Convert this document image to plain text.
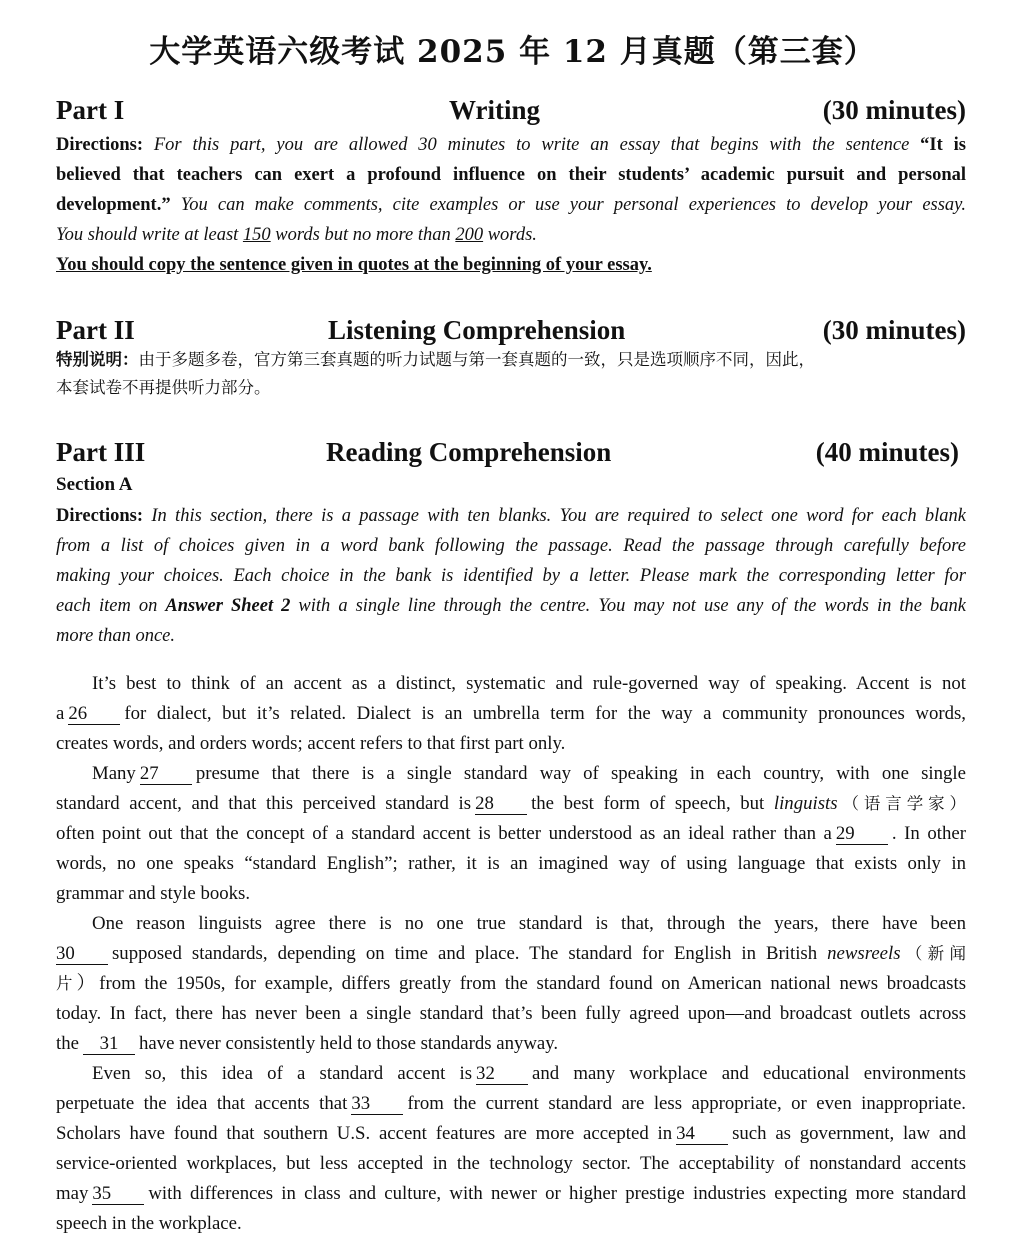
大学英语六级考试 2025 年 12 月真题（第三套）
Part I	Writing	(30 minutes)
Directions: For this part, you are allowed 30 minutes to write an essay that begins with the sentence “It is
believed that teachers can exert a profound influence on their students’ academic pursuit and personal
development.” You can make comments, cite examples or use your personal experiences to develop your essay.
You should write at least 150 words but no more than 200 words.
You should copy the sentence given in quotes at the beginning of your essay.
Part II	Listening Comprehension	(30 minutes)
特别说明：由于多题多卷，官方第三套真题的听力试题与第一套真题的一致，只是选项顺序不同，因此，
本套试卷不再提供听力部分。
Part III	Reading Comprehension	(40 minutes)
Section A
Directions: In this section, there is a passage with ten blanks. You are required to select one word for each blank
from a list of choices given in a word bank following the passage. Read the passage through carefully before
making your choices. Each choice in the bank is identified by a letter. Please mark the corresponding letter for
each item on Answer Sheet 2 with a single line through the centre. You may not use any of the words in the bank
more than once.
It’s best to think of an accent as a distinct, systematic and rule-governed way of speaking. Accent is not
a 26 for dialect, but it’s related. Dialect is an umbrella term for the way a community pronounces words,
creates words, and orders words; accent refers to that first part only.
Many 27 presume that there is a single standard way of speaking in each country, with one single
standard accent, and that this perceived standard is 28 the best form of speech, but linguists（语言学家）
often point out that the concept of a standard accent is better understood as an ideal rather than a 29 . In other
words, no one speaks “standard English”; rather, it is an imagined way of using language that exists only in
grammar and style books.
One reason linguists agree there is no one true standard is that, through the years, there have been
30 supposed standards, depending on time and place. The standard for English in British newsreels（新闻
片）from the 1950s, for example, differs greatly from the standard found on American national news broadcasts
today. In fact, there has never been a single standard that’s been fully agreed upon—and broadcast outlets across
the 31 have never consistently held to those standards anyway.
Even so, this idea of a standard accent is 32 and many workplace and educational environments
perpetuate the idea that accents that 33 from the current standard are less appropriate, or even inappropriate.
Scholars have found that southern U.S. accent features are more accepted in 34 such as government, law and
service-oriented workplaces, but less accepted in the technology sector. The acceptability of nonstandard accents
may 35 with differences in class and culture, with newer or higher prestige industries expecting more standard
speech in the workplace.
